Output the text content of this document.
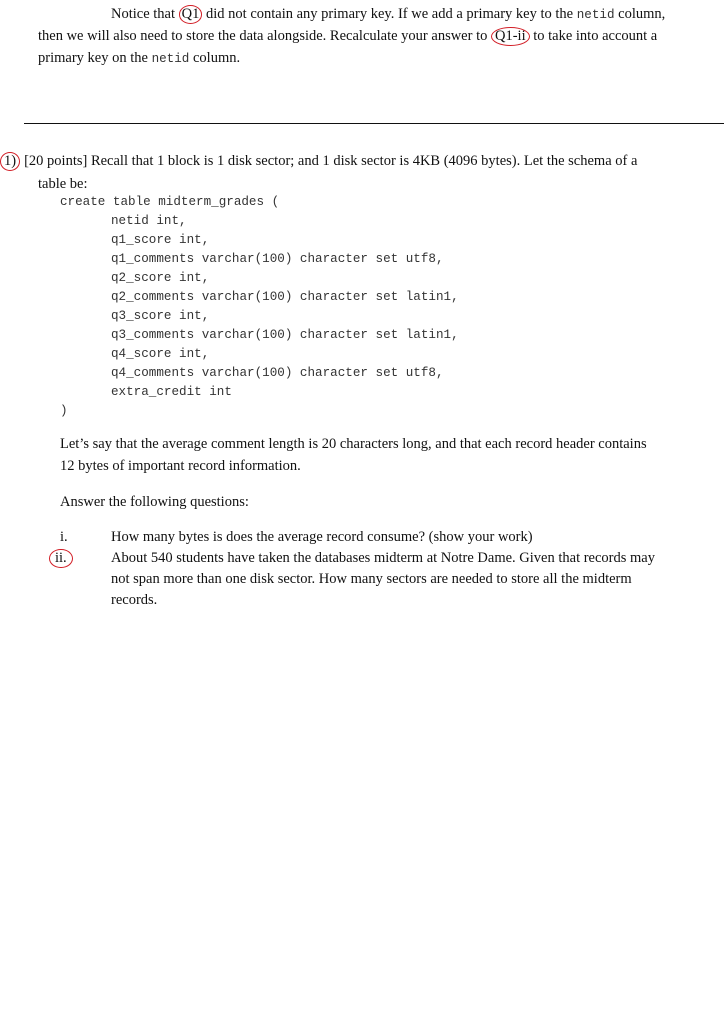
Notice that Q1 did not contain any primary key. If we add a primary key to the netid column,
then we will also need to store the data alongside. Recalculate your answer to Q1-ii to take into account a
primary key on the netid column.
1) [20 points] Recall that 1 block is 1 disk sector; and 1 disk sector is 4KB (4096 bytes). Let the schema of a
table be:
create table midterm_grades (
netid int,
q1_score int,
q1_comments varchar(100) character set utf8,
q2_score int,
q2_comments varchar(100) character set latin1,
q3_score int,
q3_comments varchar(100) character set latin1,
q4_score int,
q4_comments varchar(100) character set utf8,
extra_credit int
)
Let’s say that the average comment length is 20 characters long, and that each record header contains
12 bytes of important record information.
Answer the following questions:
i.	How many bytes is does the average record consume? (show your work)
ii.	About 540 students have taken the databases midterm at Notre Dame. Given that records may
not span more than one disk sector. How many sectors are needed to store all the midterm
records.
